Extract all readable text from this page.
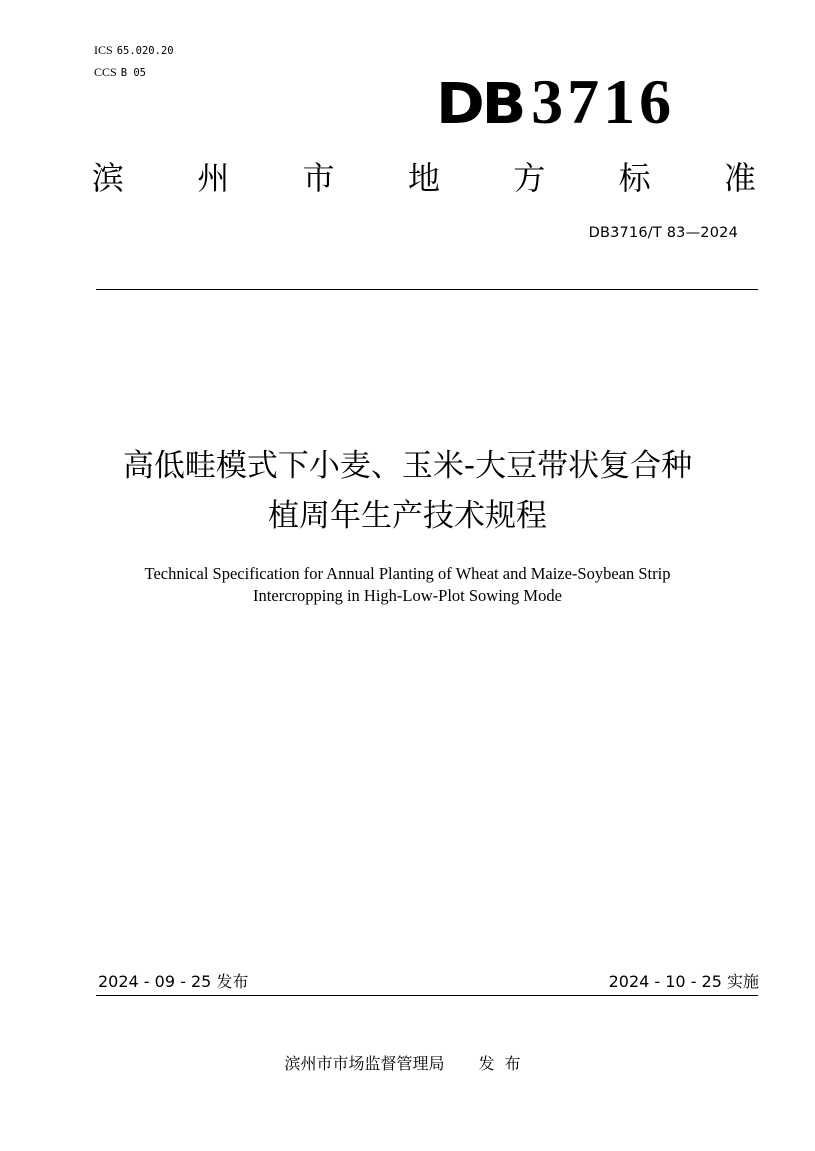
ICS 65.020.20
CCS B 05	DB 3716
滨 州 市 地 方 标 准
DB3716/T 83—2024
高低畦模式下小麦、玉米-大豆带状复合种
植周年生产技术规程
Technical Specification for Annual Planting of Wheat and Maize-Soybean Strip
Intercropping in High-Low-Plot Sowing Mode
2024 - 09 - 25 发布	2024 - 10 - 25 实施
滨州市市场监督管理局 发布
